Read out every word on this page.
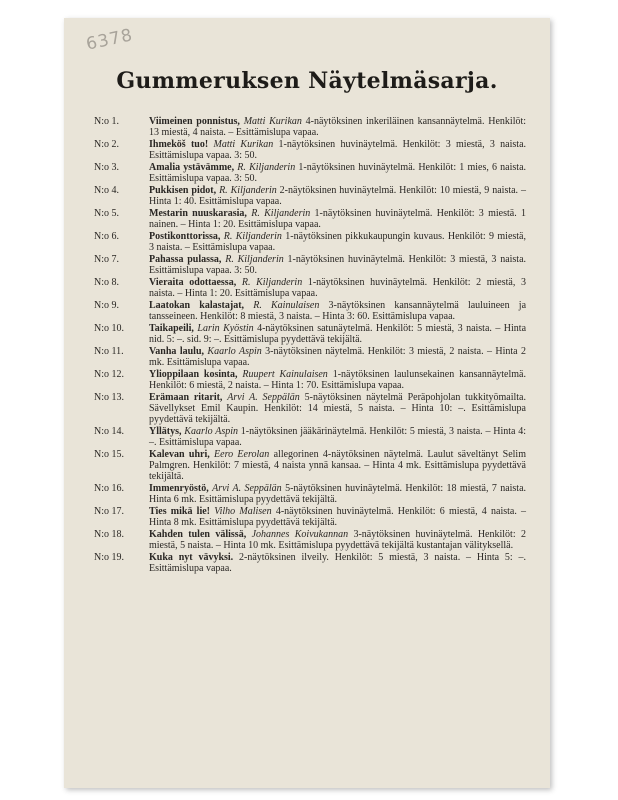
6378
Gummeruksen Näytelmäsarja.
N:o 1.	Viimeinen ponnistus, Matti Kurikan 4-näytöksinen inkeriläinen kansannäytelmä. Henkilöt: 13 miestä, 4 naista. – Esittämislupa vapaa.
N:o 2.	Ihmeköš tuo! Matti Kurikan 1-näytöksinen huvinäytelmä. Henkilöt: 3 miestä, 3 naista. Esittämislupa vapaa. 3: 50.
N:o 3.	Amalia ystävämme, R. Kiljanderin 1-näytöksinen huvinäytelmä. Henkilöt: 1 mies, 6 naista. Esittämislupa vapaa. 3: 50.
N:o 4.	Pukkisen pidot, R. Kiljanderin 2-näytöksinen huvinäytelmä. Henkilöt: 10 miestä, 9 naista. – Hinta 1: 40. Esittämislupa vapaa.
N:o 5.	Mestarin nuuskarasia, R. Kiljanderin 1-näytöksinen huvinäytelmä. Henkilöt: 3 miestä. 1 nainen. – Hinta 1: 20. Esittämislupa vapaa.
N:o 6.	Postikonttorissa, R. Kiljanderin 1-näytöksinen pikkukaupungin kuvaus. Henkilöt: 9 miestä, 3 naista. – Esittämislupa vapaa.
N:o 7.	Pahassa pulassa, R. Kiljanderin 1-näytöksinen huvinäytelmä. Henkilöt: 3 miestä, 3 naista. Esittämislupa vapaa. 3: 50.
N:o 8.	Vieraita odottaessa, R. Kiljanderin 1-näytöksinen huvinäytelmä. Henkilöt: 2 miestä, 3 naista. – Hinta 1: 20. Esittämislupa vapaa.
N:o 9.	Laatokan kalastajat, R. Kainulaisen 3-näytöksinen kansannäytelmä lauluineen ja tansseineen. Henkilöt: 8 miestä, 3 naista. – Hinta 3: 60. Esittämislupa vapaa.
N:o 10.	Taikapeili, Larin Kyöstin 4-näytöksinen satunäytelmä. Henkilöt: 5 miestä, 3 naista. – Hinta nid. 5: –. sid. 9: –. Esittämislupa pyydettävä tekijältä.
N:o 11.	Vanha laulu, Kaarlo Aspin 3-näytöksinen näytelmä. Henkilöt: 3 miestä, 2 naista. – Hinta 2 mk. Esittämislupa vapaa.
N:o 12.	Ylioppilaan kosinta, Ruupert Kainulaisen 1-näytöksinen laulunsekainen kansannäytelmä. Henkilöt: 6 miestä, 2 naista. – Hinta 1: 70. Esittämislupa vapaa.
N:o 13.	Erämaan ritarit, Arvi A. Seppälän 5-näytöksinen näytelmä Peräpohjolan tukkityömailta. Sävellykset Emil Kaupin. Henkilöt: 14 miestä, 5 naista. – Hinta 10: –. Esittämislupa pyydettävä tekijältä.
N:o 14.	Yllätys, Kaarlo Aspin 1-näytöksinen jääkärinäytelmä. Henkilöt: 5 miestä, 3 naista. – Hinta 4: –. Esittämislupa vapaa.
N:o 15.	Kalevan uhri, Eero Eerolan allegorinen 4-näytöksinen näytelmä. Laulut säveltänyt Selim Palmgren. Henkilöt: 7 miestä, 4 naista ynnä kansaa. – Hinta 4 mk. Esittämislupa pyydettävä tekijältä.
N:o 16.	Immenryöstö, Arvi A. Seppälän 5-näytöksinen huvinäytelmä. Henkilöt: 18 miestä, 7 naista. Hinta 6 mk. Esittämislupa pyydettävä tekijältä.
N:o 17.	Ties mikä lie! Vilho Malisen 4-näytöksinen huvinäytelmä. Henkilöt: 6 miestä, 4 naista. – Hinta 8 mk. Esittämislupa pyydettävä tekijältä.
N:o 18.	Kahden tulen välissä, Johannes Koivukannan 3-näytöksinen huvinäytelmä. Henkilöt: 2 miestä, 5 naista. – Hinta 10 mk. Esittämislupa pyydettävä tekijältä kustantajan välityksellä.
N:o 19.	Kuka nyt vävyksi. 2-näytöksinen ilveily. Henkilöt: 5 miestä, 3 naista. – Hinta 5: –. Esittämislupa vapaa.
